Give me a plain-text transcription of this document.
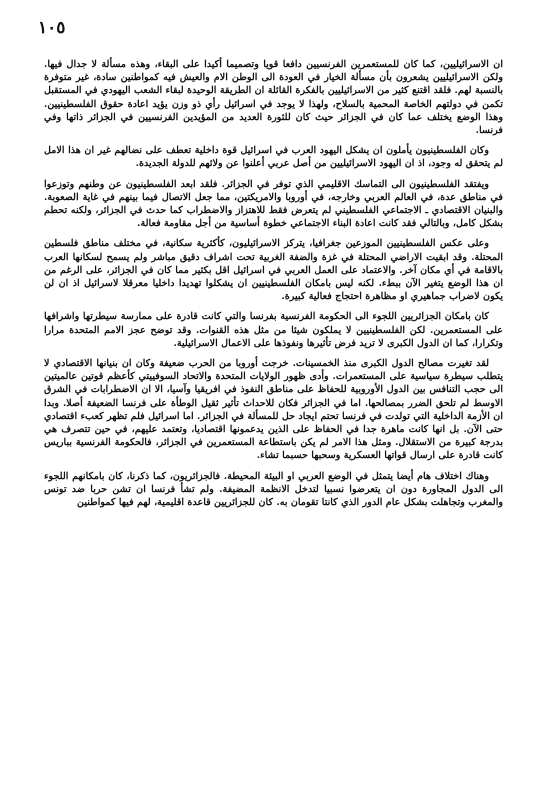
١٠٥

ان الاسرائيليين، كما كان للمستعمرين الفرنسيين دافعا قويا وتصميما أكيدا على البقاء، وهذه مسألة لا جدال فيها. ولكن الاسرائيليين يشعرون بأن مسألة الخيار في العودة الى الوطن الام والعيش فيه كمواطنين سادة، غير متوفرة بالنسبة لهم. فلقد اقتنع كثير من الاسرائيليين بالفكرة القائلة ان الطريقة الوحيدة لبقاء الشعب اليهودي في المستقبل تكمن في دولتهم الخاصة المحمية بالسلاح، ولهذا لا يوجد في اسرائيل رأي ذو وزن يؤيد اعادة حقوق الفلسطينيين. وهذا الوضع يختلف عما كان في الجزائر حيث كان للثورة العديد من المؤيدين الفرنسيين في الجزائر ذاتها وفي فرنسا.

وكان الفلسطينيون يأملون ان يشكل اليهود العرب في اسرائيل قوة داخلية تعطف على نضالهم غير ان هذا الامل لم يتحقق له وجود، اذ ان اليهود الاسرائيليين من أصل عربي أعلنوا عن ولائهم للدولة الجديدة.

ويفتقد الفلسطينيون الى التماسك الاقليمي الذي توفر في الجزائر. فلقد ابعد الفلسطينيون عن وطنهم وتوزعوا في مناطق عدة، في العالم العربي وخارجه، في أوروبا والامريكتين، مما جعل الاتصال فيما بينهم في غاية الصعوبة. والبنيان الاقتصادي ـ الاجتماعي الفلسطيني لم يتعرض فقط للاهتزاز والاضطراب كما حدث في الجزائر، ولكنه تحطم بشكل كامل، وبالتالي فقد كانت اعادة البناء الاجتماعي خطوة أساسية من أجل مقاومة فعالة.

وعلى عكس الفلسطينيين الموزعين جغرافيا، يتركز الاسرائيليون، كأكثرية سكانية، في مختلف مناطق فلسطين المحتلة. وقد ابقيت الاراضي المحتلة في غزة والضفة الغربية تحت اشراف دقيق مباشر ولم يسمح لسكانها العرب بالاقامة في أي مكان آخر. والاعتماد على العمل العربي في اسرائيل اقل بكثير مما كان في الجزائر، على الرغم من ان هذا الوضع يتغير الآن ببطء. لكنه ليس بامكان الفلسطينيين ان يشكلوا تهديدا داخليا معرقلا لاسرائيل اذ ان لن يكون لاضراب جماهيري او مظاهرة احتجاج فعالية كبيرة.

كان بامكان الجزائريين اللجوء الى الحكومة الفرنسية بفرنسا والتي كانت قادرة على ممارسة سيطرتها واشرافها على المستعمرين. لكن الفلسطينيين لا يملكون شيئا من مثل هذه القنوات. وقد توضح عجز الامم المتحدة مرارا وتكرارا، كما ان الدول الكبرى لا تريد فرض تأثيرها ونفوذها على الاعمال الاسرائيلية.

لقد تغيرت مصالح الدول الكبرى منذ الخمسينات. خرجت أوروبا من الحرب ضعيفة وكان ان بنيانها الاقتصادي لا يتطلب سيطرة سياسية على المستعمرات. وأدى ظهور الولايات المتحدة والاتحاد السوفييتي كأعظم قوتين عالميتين الى حجب التنافس بين الدول الأوروبية للحفاظ على مناطق النفوذ في افريقيا وآسيا، الا ان الاضطرابات في الشرق الاوسط لم تلحق الضرر بمصالحها. اما في الجزائر فكان للاحداث تأثير ثقيل الوطأة على فرنسا الضعيفة أصلا. وبدا ان الأزمة الداخلية التي تولدت في فرنسا تحتم ايجاد حل للمسألة في الجزائر. اما اسرائيل فلم تظهر كعبء اقتصادي حتى الآن. بل انها كانت ماهرة جدا في الحفاظ على الذين يدعمونها اقتصاديا، وتعتمد عليهم، في حين تتصرف هي بدرجة كبيرة من الاستقلال. ومثل هذا الامر لم يكن باستطاعة المستعمرين في الجزائر، فالحكومة الفرنسية بباريس كانت قادرة على ارسال قواتها العسكرية وسحبها حسبما تشاء.

وهناك اختلاف هام أيضا يتمثل في الوضع العربي او البيئة المحيطة. فالجزائريون، كما ذكرنا، كان بامكانهم اللجوء الى الدول المجاورة دون ان يتعرضوا نسبيا لتدخل الانظمة المضيفة. ولم تشأ فرنسا ان تشن حربا ضد تونس والمغرب وتجاهلت بشكل عام الدور الذي كانتا تقومان به. كان للجزائريين قاعدة اقليمية، لهم فيها كمواطنين
